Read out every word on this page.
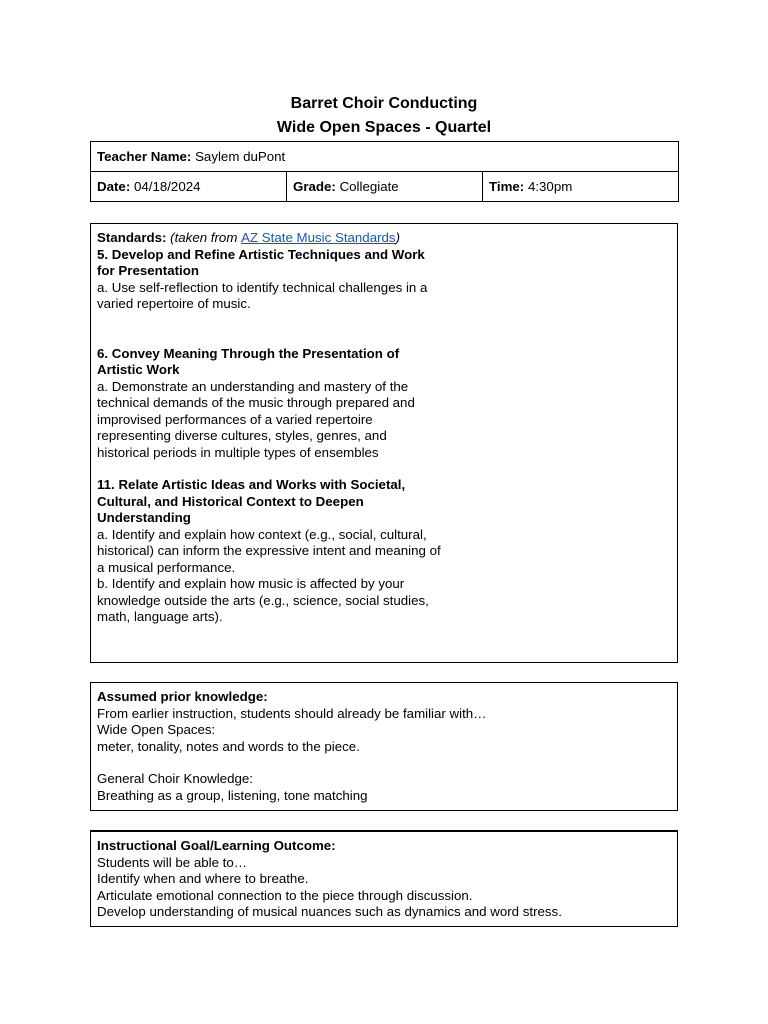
Barret Choir Conducting
Wide Open Spaces - Quartel
Teacher Name: Saylem duPont
Date: 04/18/2024	Grade: Collegiate	Time: 4:30pm

Standards: (taken from AZ State Music Standards)

5. Develop and Refine Artistic Techniques and Work for Presentation

a. Use self-reflection to identify technical challenges in a varied repertoire of music.

6. Convey Meaning Through the Presentation of Artistic Work

a. Demonstrate an understanding and mastery of the technical demands of the music through prepared and improvised performances of a varied repertoire representing diverse cultures, styles, genres, and historical periods in multiple types of ensembles

11. Relate Artistic Ideas and Works with Societal, Cultural, and Historical Context to Deepen Understanding

a. Identify and explain how context (e.g., social, cultural, historical) can inform the expressive intent and meaning of a musical performance.

b. Identify and explain how music is affected by your knowledge outside the arts (e.g., science, social studies, math, language arts).

Assumed prior knowledge:

From earlier instruction, students should already be familiar with…

Wide Open Spaces:

meter, tonality, notes and words to the piece.

General Choir Knowledge:

Breathing as a group, listening, tone matching

Instructional Goal/Learning Outcome:

Students will be able to…

Identify when and where to breathe.

Articulate emotional connection to the piece through discussion.

Develop understanding of musical nuances such as dynamics and word stress.
